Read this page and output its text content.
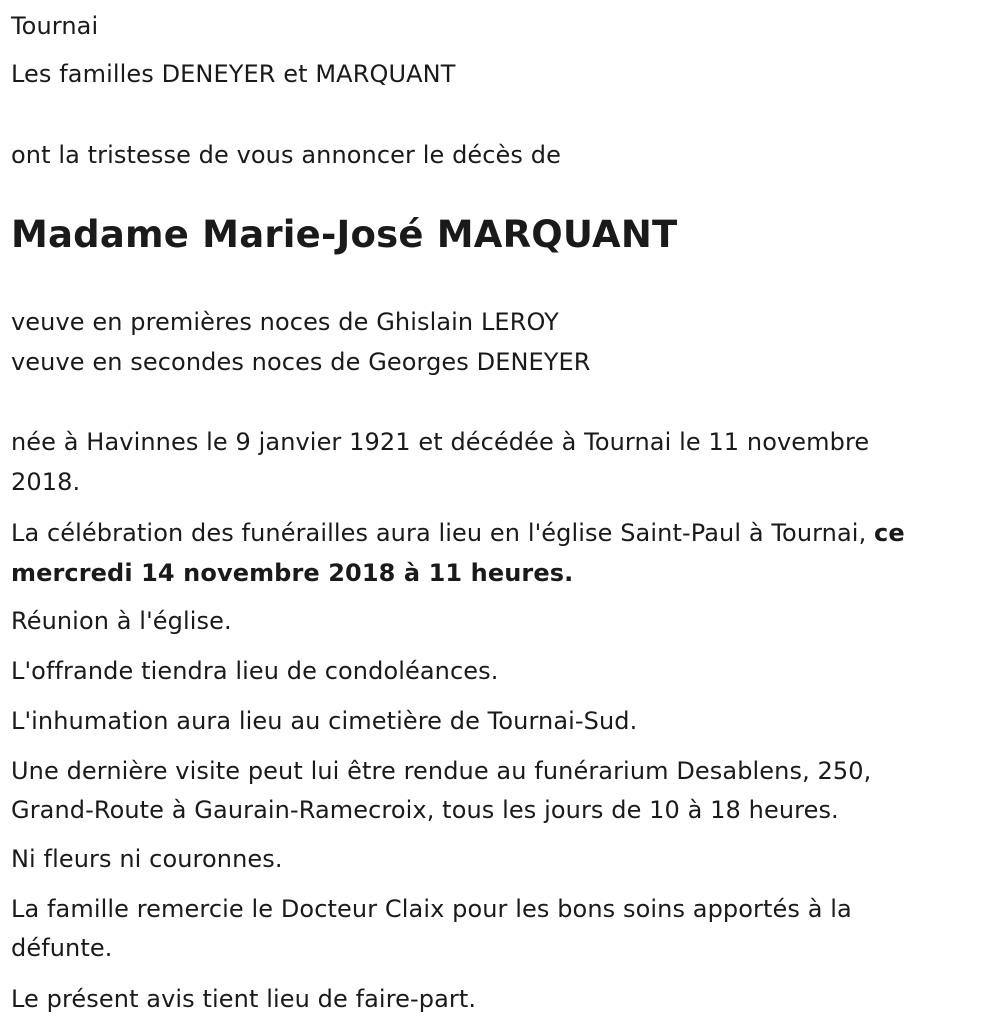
Tournai
Les familles DENEYER et MARQUANT
ont la tristesse de vous annoncer le décès de
Madame Marie-José MARQUANT
veuve en premières noces de Ghislain LEROY
veuve en secondes noces de Georges DENEYER
née à Havinnes le 9 janvier 1921 et décédée à Tournai le 11 novembre
2018.
La célébration des funérailles aura lieu en l'église Saint-Paul à Tournai, ce
mercredi 14 novembre 2018 à 11 heures.
Réunion à l'église.
L'offrande tiendra lieu de condoléances.
L'inhumation aura lieu au cimetière de Tournai-Sud.
Une dernière visite peut lui être rendue au funérarium Desablens, 250,
Grand-Route à Gaurain-Ramecroix, tous les jours de 10 à 18 heures.
Ni fleurs ni couronnes.
La famille remercie le Docteur Claix pour les bons soins apportés à la
défunte.
Le présent avis tient lieu de faire-part.
